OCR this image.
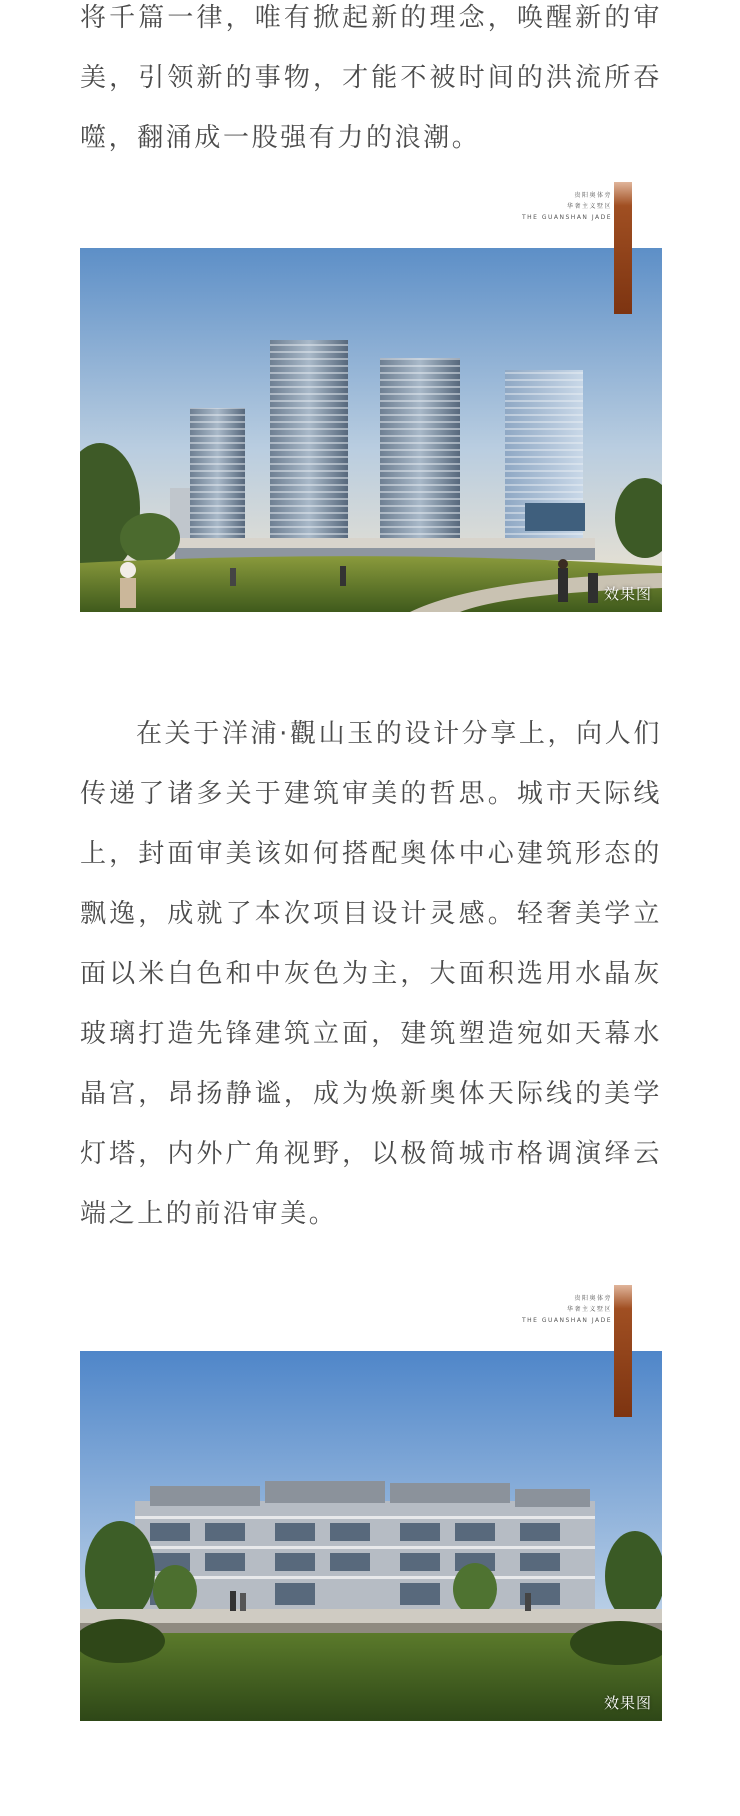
将千篇一律，唯有掀起新的理念，唤醒新的审美，引领新的事物，才能不被时间的洪流所吞噬，翻涌成一股强有力的浪潮。

贵阳奥体旁
华奢主义墅区
THE GUANSHAN JADE
效果图

在关于洋浦·觀山玉的设计分享上，向人们传递了诸多关于建筑审美的哲思。城市天际线上，封面审美该如何搭配奥体中心建筑形态的飘逸，成就了本次项目设计灵感。轻奢美学立面以米白色和中灰色为主，大面积选用水晶灰玻璃打造先锋建筑立面，建筑塑造宛如天幕水晶宫，昂扬静谧，成为焕新奥体天际线的美学灯塔，内外广角视野，以极简城市格调演绎云端之上的前沿审美。

贵阳奥体旁
华奢主义墅区
THE GUANSHAN JADE
效果图
